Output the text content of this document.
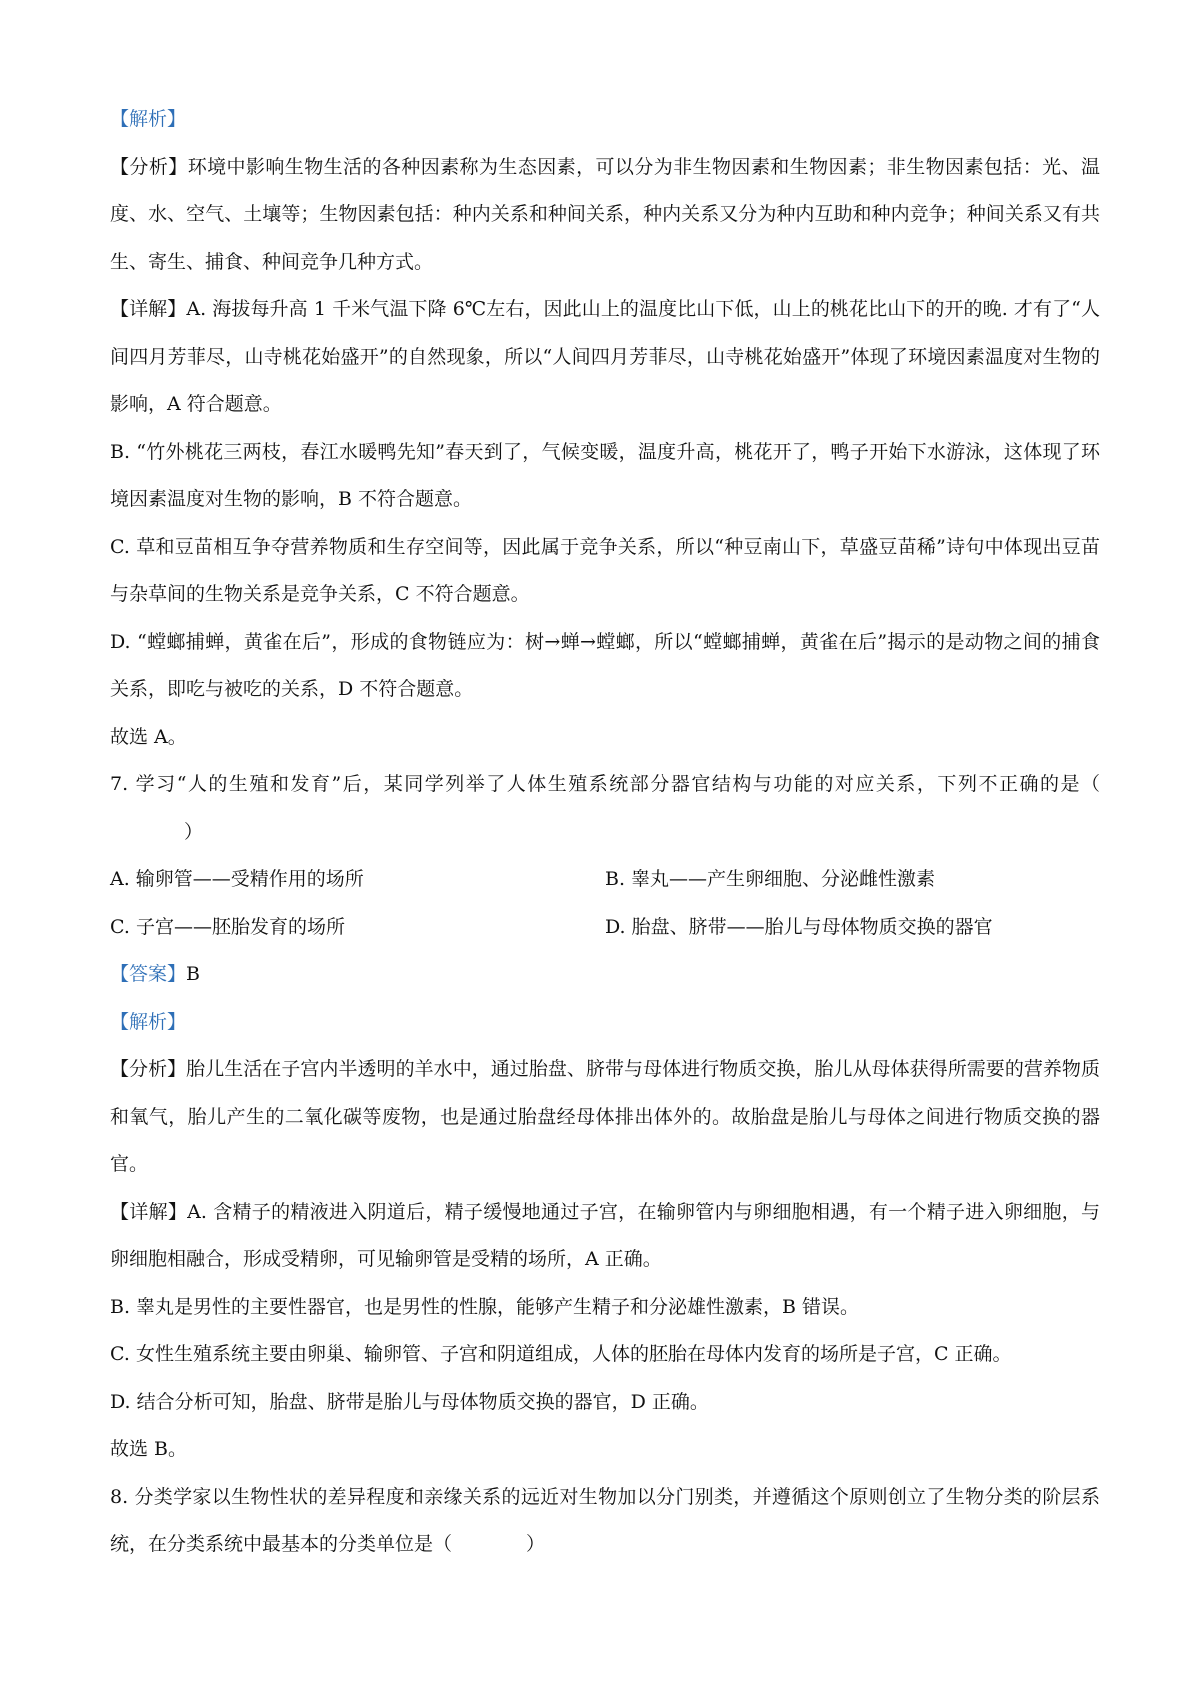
【解析】

【分析】环境中影响生物生活的各种因素称为生态因素，可以分为非生物因素和生物因素；非生物因素包括：光、温度、水、空气、土壤等；生物因素包括：种内关系和种间关系，种内关系又分为种内互助和种内竞争；种间关系又有共生、寄生、捕食、种间竞争几种方式。

【详解】A. 海拔每升高 1 千米气温下降 6℃左右，因此山上的温度比山下低，山上的桃花比山下的开的晚. 才有了“人间四月芳菲尽，山寺桃花始盛开”的自然现象，所以“人间四月芳菲尽，山寺桃花始盛开”体现了环境因素温度对生物的影响，A 符合题意。

B. “竹外桃花三两枝，春江水暖鸭先知”春天到了，气候变暖，温度升高，桃花开了，鸭子开始下水游泳，这体现了环境因素温度对生物的影响，B 不符合题意。

C. 草和豆苗相互争夺营养物质和生存空间等，因此属于竞争关系，所以“种豆南山下，草盛豆苗稀”诗句中体现出豆苗与杂草间的生物关系是竞争关系，C 不符合题意。

D. “螳螂捕蝉，黄雀在后”，形成的食物链应为：树→蝉→螳螂，所以“螳螂捕蝉，黄雀在后”揭示的是动物之间的捕食关系，即吃与被吃的关系，D 不符合题意。

故选 A。

7. 学习“人的生殖和发育”后，某同学列举了人体生殖系统部分器官结构与功能的对应关系，下列不正确的是（）

A. 输卵管——受精作用的场所	B. 睾丸——产生卵细胞、分泌雌性激素
C. 子宫——胚胎发育的场所	D. 胎盘、脐带——胎儿与母体物质交换的器官

【答案】B

【解析】

【分析】胎儿生活在子宫内半透明的羊水中，通过胎盘、脐带与母体进行物质交换，胎儿从母体获得所需要的营养物质和氧气，胎儿产生的二氧化碳等废物，也是通过胎盘经母体排出体外的。故胎盘是胎儿与母体之间进行物质交换的器官。

【详解】A. 含精子的精液进入阴道后，精子缓慢地通过子宫，在输卵管内与卵细胞相遇，有一个精子进入卵细胞，与卵细胞相融合，形成受精卵，可见输卵管是受精的场所，A 正确。

B. 睾丸是男性的主要性器官，也是男性的性腺，能够产生精子和分泌雄性激素，B 错误。

C. 女性生殖系统主要由卵巢、输卵管、子宫和阴道组成，人体的胚胎在母体内发育的场所是子宫，C 正确。

D. 结合分析可知，胎盘、脐带是胎儿与母体物质交换的器官，D 正确。

故选 B。

8. 分类学家以生物性状的差异程度和亲缘关系的远近对生物加以分门别类，并遵循这个原则创立了生物分类的阶层系统，在分类系统中最基本的分类单位是（	）
